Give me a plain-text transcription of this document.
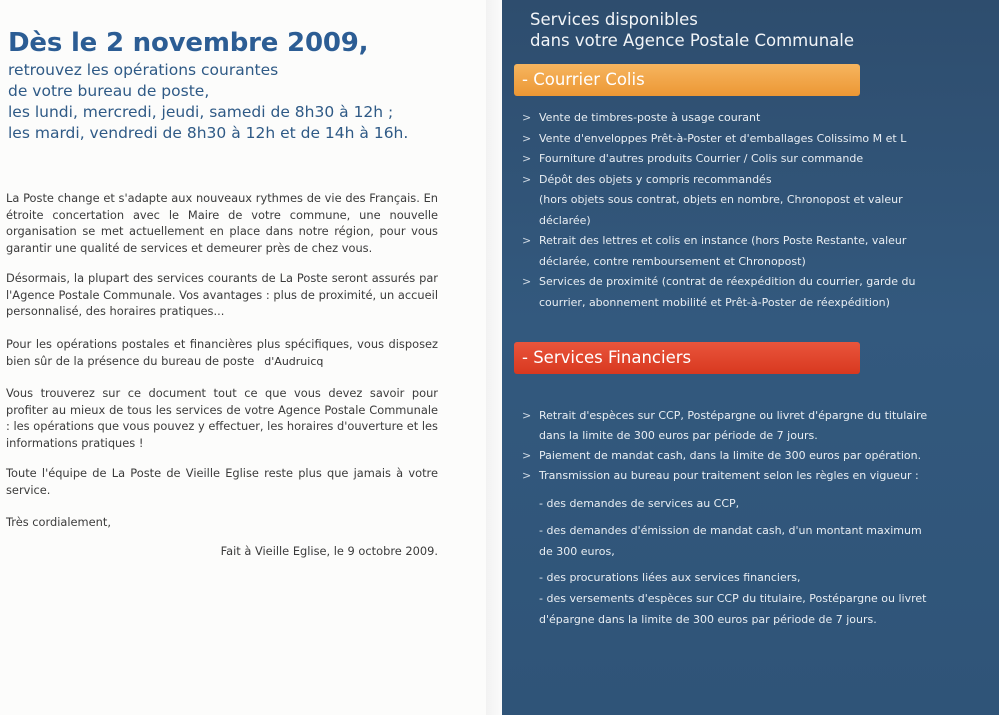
Dès le 2 novembre 2009,
retrouvez les opérations courantes
de votre bureau de poste,
les lundi, mercredi, jeudi, samedi de 8h30 à 12h ;
les mardi, vendredi de 8h30 à 12h et de 14h à 16h.

La Poste change et s'adapte aux nouveaux rythmes de vie des Français. En étroite concertation avec le Maire de votre commune, une nouvelle organisation se met actuellement en place dans notre région, pour vous garantir une qualité de services et demeurer près de chez vous.

Désormais, la plupart des services courants de La Poste seront assurés par l'Agence Postale Communale. Vos avantages : plus de proximité, un accueil personnalisé, des horaires pratiques...

Pour les opérations postales et financières plus spécifiques, vous disposez bien sûr de la présence du bureau de poste d'Audruicq

Vous trouverez sur ce document tout ce que vous devez savoir pour profiter au mieux de tous les services de votre Agence Postale Communale : les opérations que vous pouvez y effectuer, les horaires d'ouverture et les informations pratiques !

Toute l'équipe de La Poste de Vieille Eglise reste plus que jamais à votre service.

Très cordialement,

Fait à Vieille Eglise, le 9 octobre 2009.
Services disponibles
dans votre Agence Postale Communale
- Courrier Colis
> Vente de timbres-poste à usage courant
> Vente d'enveloppes Prêt-à-Poster et d'emballages Colissimo M et L
> Fourniture d'autres produits Courrier / Colis sur commande
> Dépôt des objets y compris recommandés
(hors objets sous contrat, objets en nombre, Chronopost et valeur
déclarée)
> Retrait des lettres et colis en instance (hors Poste Restante, valeur
déclarée, contre remboursement et Chronopost)
> Services de proximité (contrat de réexpédition du courrier, garde du
courrier, abonnement mobilité et Prêt-à-Poster de réexpédition)
- Services Financiers
> Retrait d'espèces sur CCP, Postépargne ou livret d'épargne du titulaire
dans la limite de 300 euros par période de 7 jours.
> Paiement de mandat cash, dans la limite de 300 euros par opération.
> Transmission au bureau pour traitement selon les règles en vigueur :
- des demandes de services au CCP,
- des demandes d'émission de mandat cash, d'un montant maximum
de 300 euros,
- des procurations liées aux services financiers,
- des versements d'espèces sur CCP du titulaire, Postépargne ou livret
d'épargne dans la limite de 300 euros par période de 7 jours.
